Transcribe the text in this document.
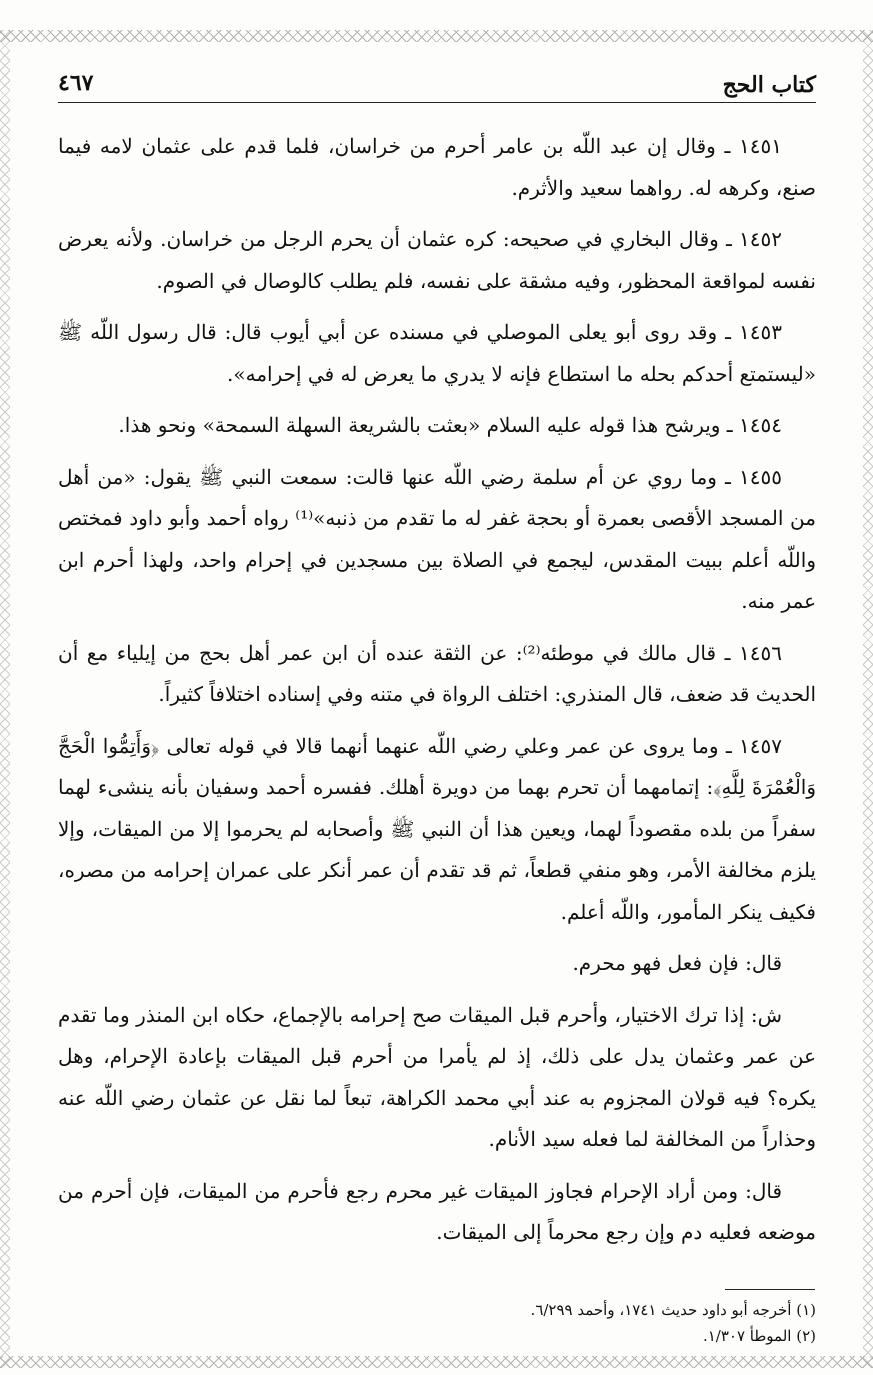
كتاب الحج
٤٦٧

١٤٥١ ـ وقال إن عبد اللّه بن عامر أحرم من خراسان، فلما قدم على عثمان لامه فيما صنع، وكرهه له. رواهما سعيد والأثرم.

١٤٥٢ ـ وقال البخاري في صحيحه: كره عثمان أن يحرم الرجل من خراسان. ولأنه يعرض نفسه لمواقعة المحظور، وفيه مشقة على نفسه، فلم يطلب كالوصال في الصوم.

١٤٥٣ ـ وقد روى أبو يعلى الموصلي في مسنده عن أبي أيوب قال: قال رسول اللّه ﷺ «ليستمتع أحدكم بحله ما استطاع فإنه لا يدري ما يعرض له في إحرامه».

١٤٥٤ ـ ويرشح هذا قوله عليه السلام «بعثت بالشريعة السهلة السمحة» ونحو هذا.

١٤٥٥ ـ وما روي عن أم سلمة رضي اللّه عنها قالت: سمعت النبي ﷺ يقول: «من أهل من المسجد الأقصى بعمرة أو بحجة غفر له ما تقدم من ذنبه»⁽¹⁾ رواه أحمد وأبو داود فمختص واللّه أعلم ببيت المقدس، ليجمع في الصلاة بين مسجدين في إحرام واحد، ولهذا أحرم ابن عمر منه.

١٤٥٦ ـ قال مالك في موطئه⁽²⁾: عن الثقة عنده أن ابن عمر أهل بحج من إيلياء مع أن الحديث قد ضعف، قال المنذري: اختلف الرواة في متنه وفي إسناده اختلافاً كثيراً.

١٤٥٧ ـ وما يروى عن عمر وعلي رضي اللّه عنهما أنهما قالا في قوله تعالى ﴿وَأَتِمُّوا الْحَجَّ وَالْعُمْرَةَ لِلَّهِ﴾: إتمامهما أن تحرم بهما من دويرة أهلك. ففسره أحمد وسفيان بأنه ينشىء لهما سفراً من بلده مقصوداً لهما، ويعين هذا أن النبي ﷺ وأصحابه لم يحرموا إلا من الميقات، وإلا يلزم مخالفة الأمر، وهو منفي قطعاً، ثم قد تقدم أن عمر أنكر على عمران إحرامه من مصره، فكيف ينكر المأمور، واللّه أعلم.

قال: فإن فعل فهو محرم.

ش: إذا ترك الاختيار، وأحرم قبل الميقات صح إحرامه بالإجماع، حكاه ابن المنذر وما تقدم عن عمر وعثمان يدل على ذلك، إذ لم يأمرا من أحرم قبل الميقات بإعادة الإحرام، وهل يكره؟ فيه قولان المجزوم به عند أبي محمد الكراهة، تبعاً لما نقل عن عثمان رضي اللّه عنه وحذاراً من المخالفة لما فعله سيد الأنام.

قال: ومن أراد الإحرام فجاوز الميقات غير محرم رجع فأحرم من الميقات، فإن أحرم من موضعه فعليه دم وإن رجع محرماً إلى الميقات.

(١) أخرجه أبو داود حديث ١٧٤١، وأحمد ٦/٢٩٩.

(٢) الموطأ ١/٣٠٧.
